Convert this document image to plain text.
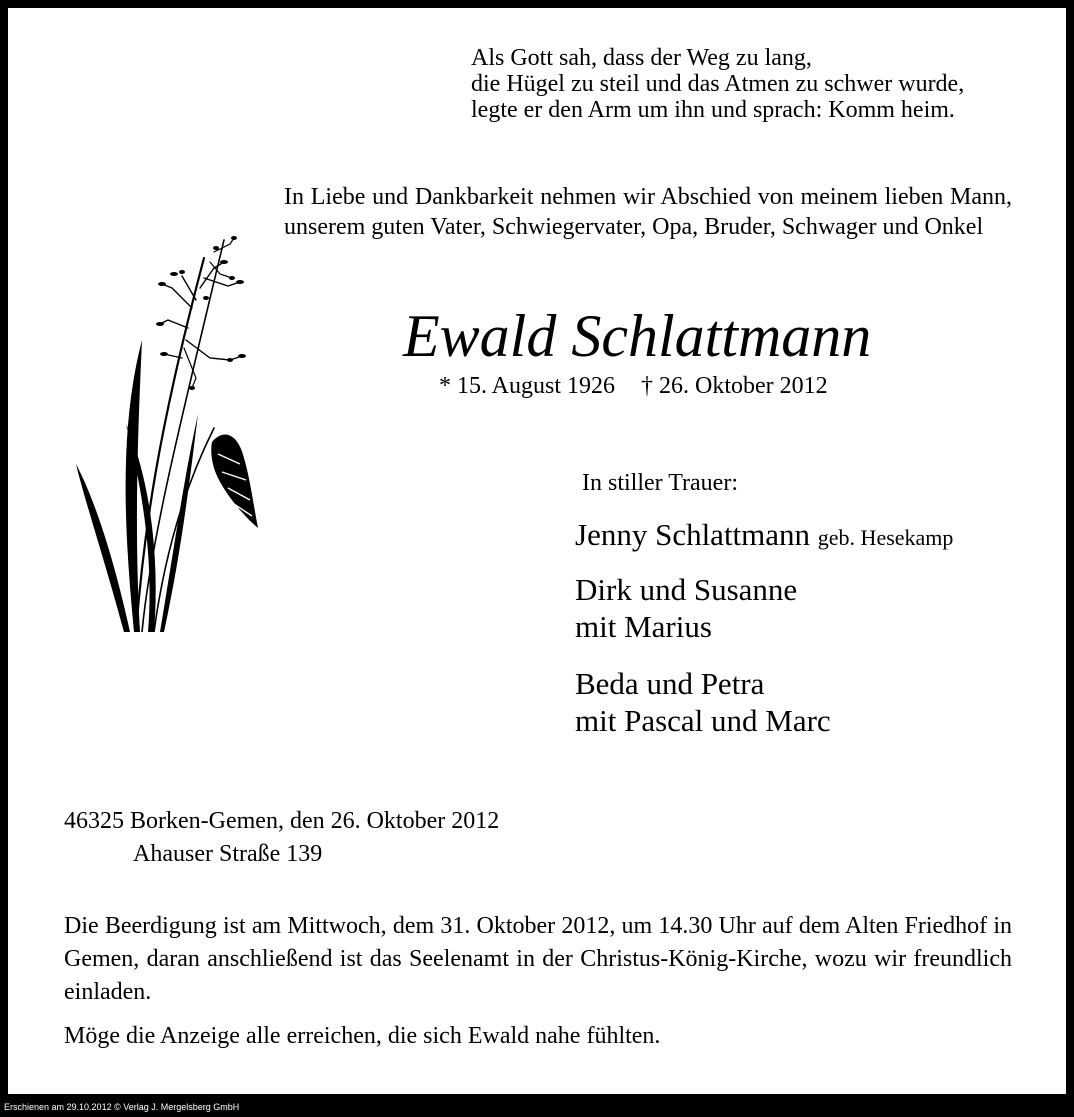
Als Gott sah, dass der Weg zu lang,
die Hügel zu steil und das Atmen zu schwer wurde,
legte er den Arm um ihn und sprach: Komm heim.
In Liebe und Dankbarkeit nehmen wir Abschied von meinem lieben Mann, unserem guten Vater, Schwiegervater, Opa, Bruder, Schwager und Onkel
Ewald Schlattmann
* 15. August 1926 † 26. Oktober 2012
In stiller Trauer:
Jenny Schlattmann geb. Hesekamp
Dirk und Susanne
mit Marius
Beda und Petra
mit Pascal und Marc
46325 Borken-Gemen, den 26. Oktober 2012
Ahauser Straße 139
Die Beerdigung ist am Mittwoch, dem 31. Oktober 2012, um 14.30 Uhr auf dem Alten Friedhof in Gemen, daran anschließend ist das Seelenamt in der Christus-König-Kirche, wozu wir freundlich einladen.
Möge die Anzeige alle erreichen, die sich Ewald nahe fühlten.
Erschienen am 29.10.2012 © Verlag J. Mergelsberg GmbH
